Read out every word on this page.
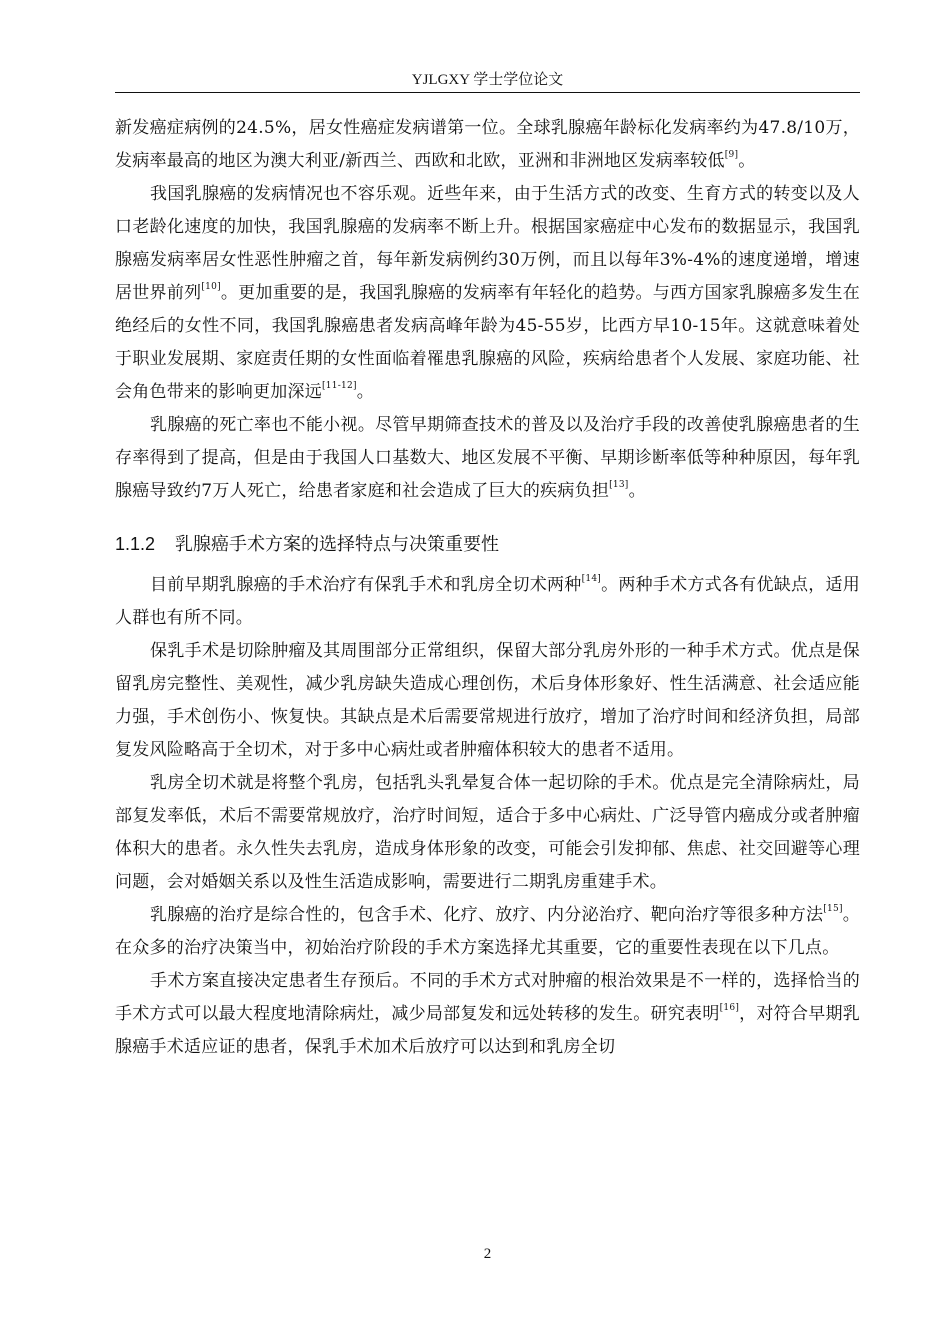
YJLGXY 学士学位论文

新发癌症病例的24.5%，居女性癌症发病谱第一位。全球乳腺癌年龄标化发病率约为47.8/10万，发病率最高的地区为澳大利亚/新西兰、西欧和北欧，亚洲和非洲地区发病率较低[9]。

我国乳腺癌的发病情况也不容乐观。近些年来，由于生活方式的改变、生育方式的转变以及人口老龄化速度的加快，我国乳腺癌的发病率不断上升。根据国家癌症中心发布的数据显示，我国乳腺癌发病率居女性恶性肿瘤之首，每年新发病例约30万例，而且以每年3%-4%的速度递增，增速居世界前列[10]。更加重要的是，我国乳腺癌的发病率有年轻化的趋势。与西方国家乳腺癌多发生在绝经后的女性不同，我国乳腺癌患者发病高峰年龄为45-55岁，比西方早10-15年。这就意味着处于职业发展期、家庭责任期的女性面临着罹患乳腺癌的风险，疾病给患者个人发展、家庭功能、社会角色带来的影响更加深远[11-12]。

乳腺癌的死亡率也不能小视。尽管早期筛查技术的普及以及治疗手段的改善使乳腺癌患者的生存率得到了提高，但是由于我国人口基数大、地区发展不平衡、早期诊断率低等种种原因，每年乳腺癌导致约7万人死亡，给患者家庭和社会造成了巨大的疾病负担[13]。

1.1.2 乳腺癌手术方案的选择特点与决策重要性

目前早期乳腺癌的手术治疗有保乳手术和乳房全切术两种[14]。两种手术方式各有优缺点，适用人群也有所不同。

保乳手术是切除肿瘤及其周围部分正常组织，保留大部分乳房外形的一种手术方式。优点是保留乳房完整性、美观性，减少乳房缺失造成心理创伤，术后身体形象好、性生活满意、社会适应能力强，手术创伤小、恢复快。其缺点是术后需要常规进行放疗，增加了治疗时间和经济负担，局部复发风险略高于全切术，对于多中心病灶或者肿瘤体积较大的患者不适用。

乳房全切术就是将整个乳房，包括乳头乳晕复合体一起切除的手术。优点是完全清除病灶，局部复发率低，术后不需要常规放疗，治疗时间短，适合于多中心病灶、广泛导管内癌成分或者肿瘤体积大的患者。永久性失去乳房，造成身体形象的改变，可能会引发抑郁、焦虑、社交回避等心理问题，会对婚姻关系以及性生活造成影响，需要进行二期乳房重建手术。

乳腺癌的治疗是综合性的，包含手术、化疗、放疗、内分泌治疗、靶向治疗等很多种方法[15]。在众多的治疗决策当中，初始治疗阶段的手术方案选择尤其重要，它的重要性表现在以下几点。

手术方案直接决定患者生存预后。不同的手术方式对肿瘤的根治效果是不一样的，选择恰当的手术方式可以最大程度地清除病灶，减少局部复发和远处转移的发生。研究表明[16]，对符合早期乳腺癌手术适应证的患者，保乳手术加术后放疗可以达到和乳房全切

2
